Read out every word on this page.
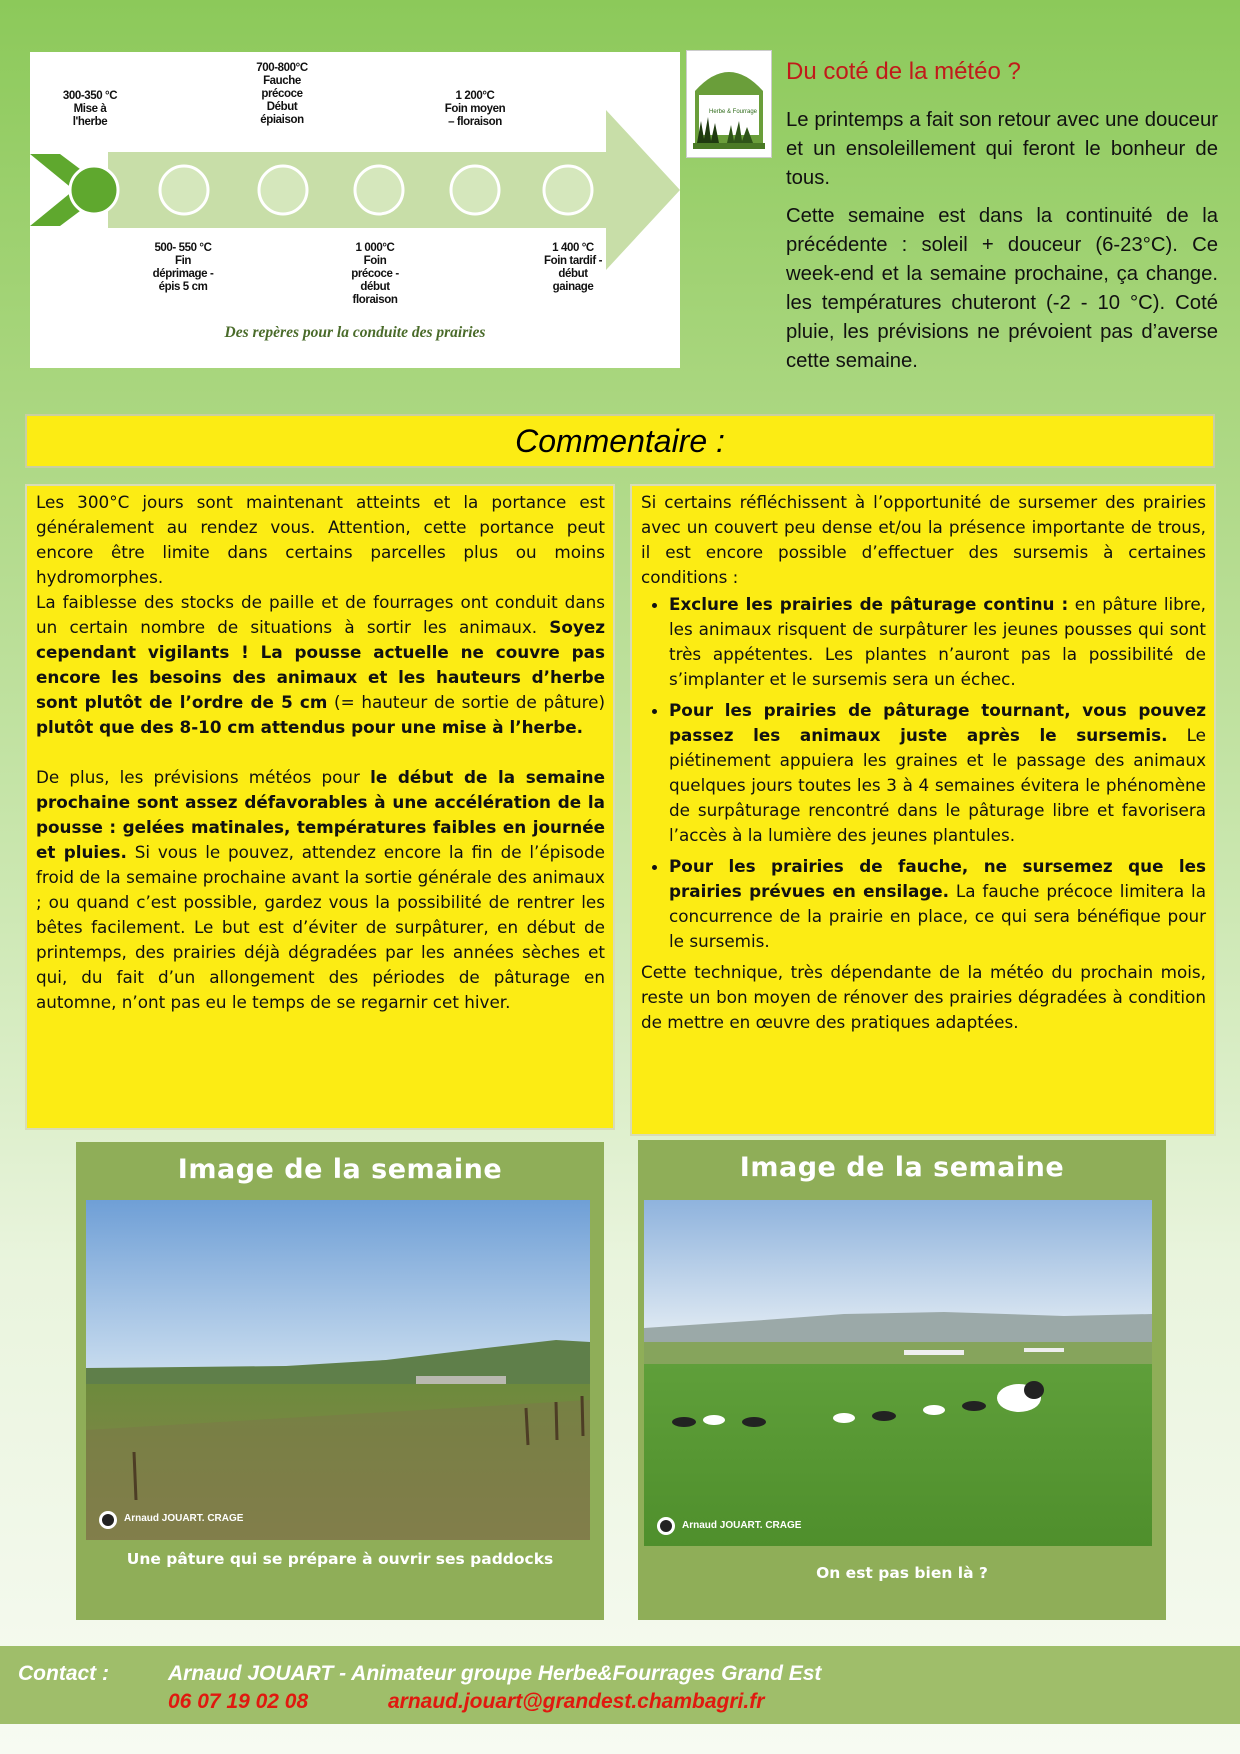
300-350 °C
Mise à
l'herbe
700-800°C
Fauche
précoce
Début
épiaison
1 200°C
Foin moyen
– floraison
500- 550 °C
Fin
déprimage -
épis 5 cm
1 000°C
Foin
précoce -
début
floraison
1 400 °C
Foin tardif -
début
gainage
Des repères pour la conduite des prairies
Herbe & Fourrage
Du coté de la météo ?

Le printemps a fait son retour avec une douceur et un ensoleillement qui feront le bonheur de tous.

Cette semaine est dans la continuité de la précédente : soleil + douceur (6-23°C). Ce week-end et la semaine prochaine, ça change. les températures chuteront (-2 - 10 °C). Coté pluie, les prévisions ne prévoient pas d’averse cette semaine.

Commentaire :

Les 300°C jours sont maintenant atteints et la portance est généralement au rendez vous. Attention, cette portance peut encore être limite dans certains parcelles plus ou moins hydromorphes.

La faiblesse des stocks de paille et de fourrages ont conduit dans un certain nombre de situations à sortir les animaux. Soyez cependant vigilants ! La pousse actuelle ne couvre pas encore les besoins des animaux et les hauteurs d’herbe sont plutôt de l’ordre de 5 cm (= hauteur de sortie de pâture) plutôt que des 8-10 cm attendus pour une mise à l’herbe.

De plus, les prévisions météos pour le début de la semaine prochaine sont assez défavorables à une accélération de la pousse : gelées matinales, températures faibles en journée et pluies. Si vous le pouvez, attendez encore la fin de l’épisode froid de la semaine prochaine avant la sortie générale des animaux ; ou quand c’est possible, gardez vous la possibilité de rentrer les bêtes facilement. Le but est d’éviter de surpâturer, en début de printemps, des prairies déjà dégradées par les années sèches et qui, du fait d’un allongement des périodes de pâturage en automne, n’ont pas eu le temps de se regarnir cet hiver.

Si certains réfléchissent à l’opportunité de sursemer des prairies avec un couvert peu dense et/ou la présence importante de trous, il est encore possible d’effectuer des sursemis à certaines conditions :

• Exclure les prairies de pâturage continu : en pâture libre, les animaux risquent de surpâturer les jeunes pousses qui sont très appétentes. Les plantes n’auront pas la possibilité de s’implanter et le sursemis sera un échec.
• Pour les prairies de pâturage tournant, vous pouvez passez les animaux juste après le sursemis. Le piétinement appuiera les graines et le passage des animaux quelques jours toutes les 3 à 4 semaines évitera le phénomène de surpâturage rencontré dans le pâturage libre et favorisera l’accès à la lumière des jeunes plantules.
• Pour les prairies de fauche, ne sursemez que les prairies prévues en ensilage. La fauche précoce limitera la concurrence de la prairie en place, ce qui sera bénéfique pour le sursemis.

Cette technique, très dépendante de la météo du prochain mois, reste un bon moyen de rénover des prairies dégradées à condition de mettre en œuvre des pratiques adaptées.

Image de la semaine
Arnaud JOUART. CRAGE
Une pâture qui se prépare à ouvrir ses paddocks
Image de la semaine
Arnaud JOUART. CRAGE
On est pas bien là ?
Contact :	Arnaud JOUART - Animateur groupe Herbe&Fourrages Grand Est
06 07 19 02 08	arnaud.jouart@grandest.chambagri.fr
